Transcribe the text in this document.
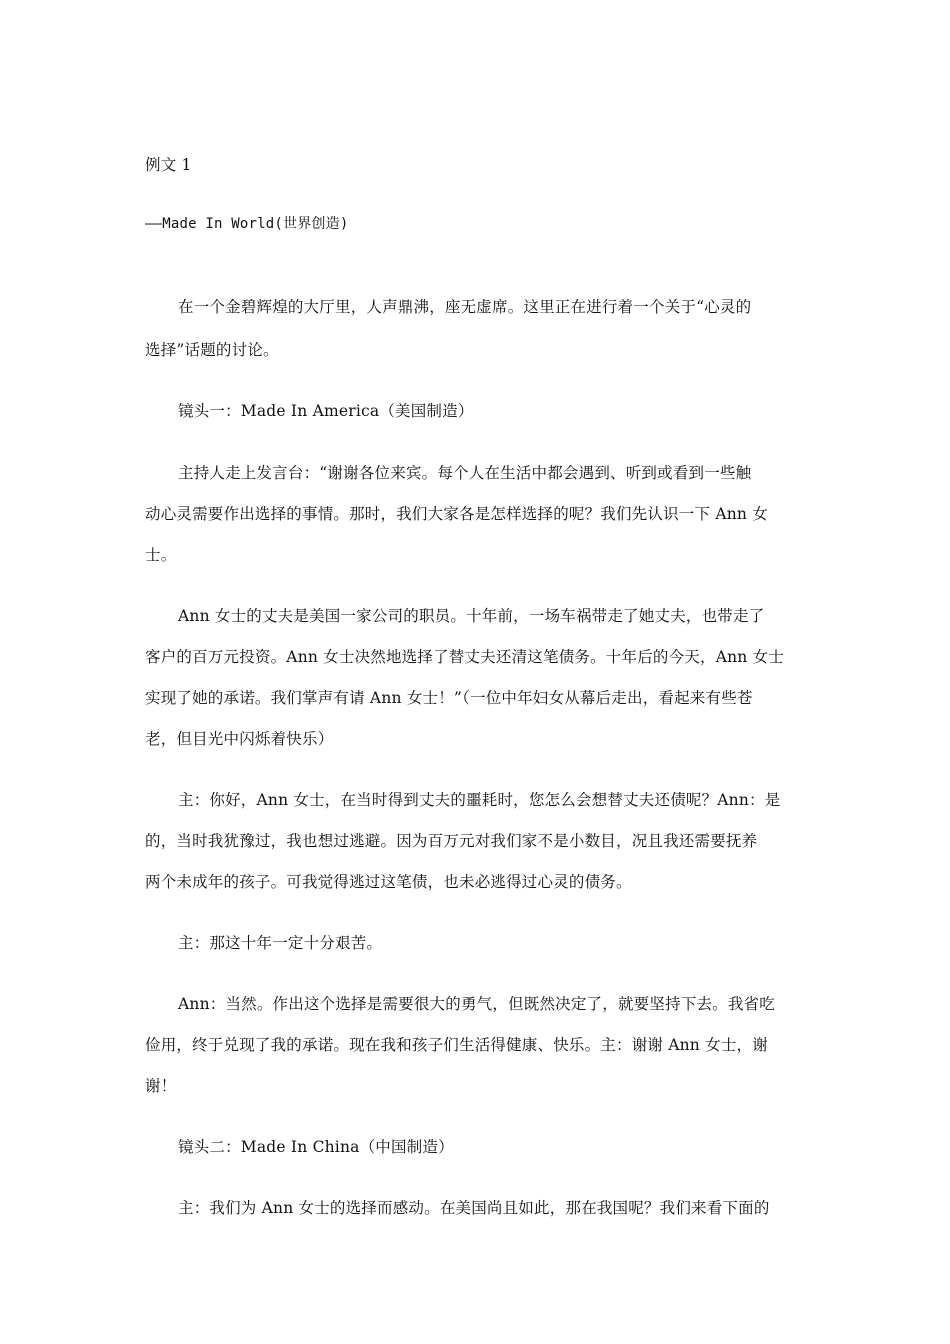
例文 1
——Made In World(世界创造)
在一个金碧辉煌的大厅里，人声鼎沸，座无虚席。这里正在进行着一个关于“心灵的
选择”话题的讨论。
镜头一：Made In America（美国制造）
主持人走上发言台：“谢谢各位来宾。每个人在生活中都会遇到、听到或看到一些触
动心灵需要作出选择的事情。那时，我们大家各是怎样选择的呢？我们先认识一下 Ann 女
士。
Ann 女士的丈夫是美国一家公司的职员。十年前，一场车祸带走了她丈夫，也带走了
客户的百万元投资。Ann 女士决然地选择了替丈夫还清这笔债务。十年后的今天，Ann 女士
实现了她的承诺。我们掌声有请 Ann 女士！”（一位中年妇女从幕后走出，看起来有些苍
老，但目光中闪烁着快乐）
主：你好，Ann 女士，在当时得到丈夫的噩耗时，您怎么会想替丈夫还债呢？Ann：是
的，当时我犹豫过，我也想过逃避。因为百万元对我们家不是小数目，况且我还需要抚养
两个未成年的孩子。可我觉得逃过这笔债，也未必逃得过心灵的债务。
主：那这十年一定十分艰苦。
Ann：当然。作出这个选择是需要很大的勇气，但既然决定了，就要坚持下去。我省吃
俭用，终于兑现了我的承诺。现在我和孩子们生活得健康、快乐。主：谢谢 Ann 女士，谢
谢！
镜头二：Made In China（中国制造）
主：我们为 Ann 女士的选择而感动。在美国尚且如此，那在我国呢？我们来看下面的
